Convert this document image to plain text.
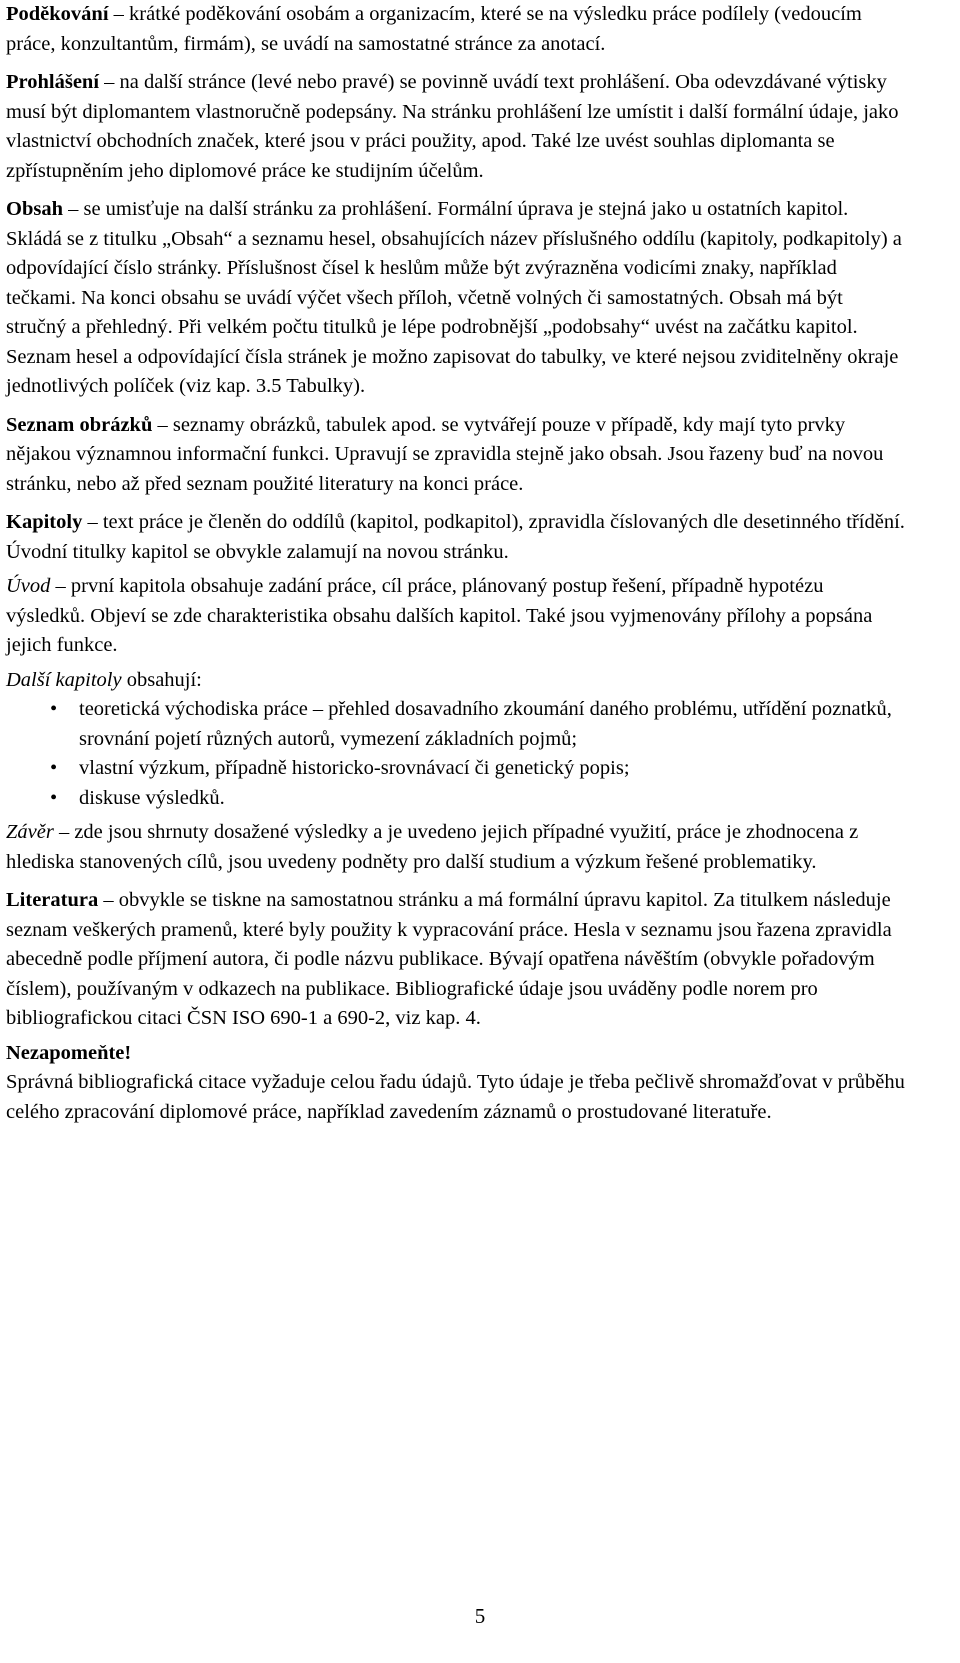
Poděkování – krátké poděkování osobám a organizacím, které se na výsledku práce podílely (vedoucím práce, konzultantům, firmám), se uvádí na samostatné stránce za anotací.

Prohlášení – na další stránce (levé nebo pravé) se povinně uvádí text prohlášení. Oba odevzdávané výtisky musí být diplomantem vlastnoručně podepsány. Na stránku prohlášení lze umístit i další formální údaje, jako vlastnictví obchodních značek, které jsou v práci použity, apod. Také lze uvést souhlas diplomanta se zpřístupněním jeho diplomové práce ke studijním účelům.

Obsah – se umisťuje na další stránku za prohlášení. Formální úprava je stejná jako u ostatních kapitol. Skládá se z titulku „Obsah“ a seznamu hesel, obsahujících název příslušného oddílu (kapitoly, podkapitoly) a odpovídající číslo stránky. Příslušnost čísel k heslům může být zvýrazněna vodicími znaky, například tečkami. Na konci obsahu se uvádí výčet všech příloh, včetně volných či samostatných. Obsah má být stručný a přehledný. Při velkém počtu titulků je lépe podrobnější „podobsahy“ uvést na začátku kapitol.

Seznam hesel a odpovídající čísla stránek je možno zapisovat do tabulky, ve které nejsou zviditelněny okraje jednotlivých políček (viz kap. 3.5 Tabulky).

Seznam obrázků – seznamy obrázků, tabulek apod. se vytvářejí pouze v případě, kdy mají tyto prvky nějakou významnou informační funkci. Upravují se zpravidla stejně jako obsah. Jsou řazeny buď na novou stránku, nebo až před seznam použité literatury na konci práce.

Kapitoly – text práce je členěn do oddílů (kapitol, podkapitol), zpravidla číslovaných dle desetinného třídění. Úvodní titulky kapitol se obvykle zalamují na novou stránku.

Úvod – první kapitola obsahuje zadání práce, cíl práce, plánovaný postup řešení, případně hypotézu výsledků. Objeví se zde charakteristika obsahu dalších kapitol. Také jsou vyjmenovány přílohy a popsána jejich funkce.

Další kapitoly obsahují:

• teoretická východiska práce – přehled dosavadního zkoumání daného problému, utřídění poznatků, srovnání pojetí různých autorů, vymezení základních pojmů;
• vlastní výzkum, případně historicko-srovnávací či genetický popis;
• diskuse výsledků.

Závěr – zde jsou shrnuty dosažené výsledky a je uvedeno jejich případné využití, práce je zhodnocena z hlediska stanovených cílů, jsou uvedeny podněty pro další studium a výzkum řešené problematiky.

Literatura – obvykle se tiskne na samostatnou stránku a má formální úpravu kapitol. Za titulkem následuje seznam veškerých pramenů, které byly použity k vypracování práce. Hesla v seznamu jsou řazena zpravidla abecedně podle příjmení autora, či podle názvu publikace. Bývají opatřena návěštím (obvykle pořadovým číslem), používaným v odkazech na publikace. Bibliografické údaje jsou uváděny podle norem pro bibliografickou citaci ČSN ISO 690-1 a 690-2, viz kap. 4.

Nezapomeňte!

Správná bibliografická citace vyžaduje celou řadu údajů. Tyto údaje je třeba pečlivě shromažďovat v průběhu celého zpracování diplomové práce, například zavedením záznamů o prostudované literatuře.

5
